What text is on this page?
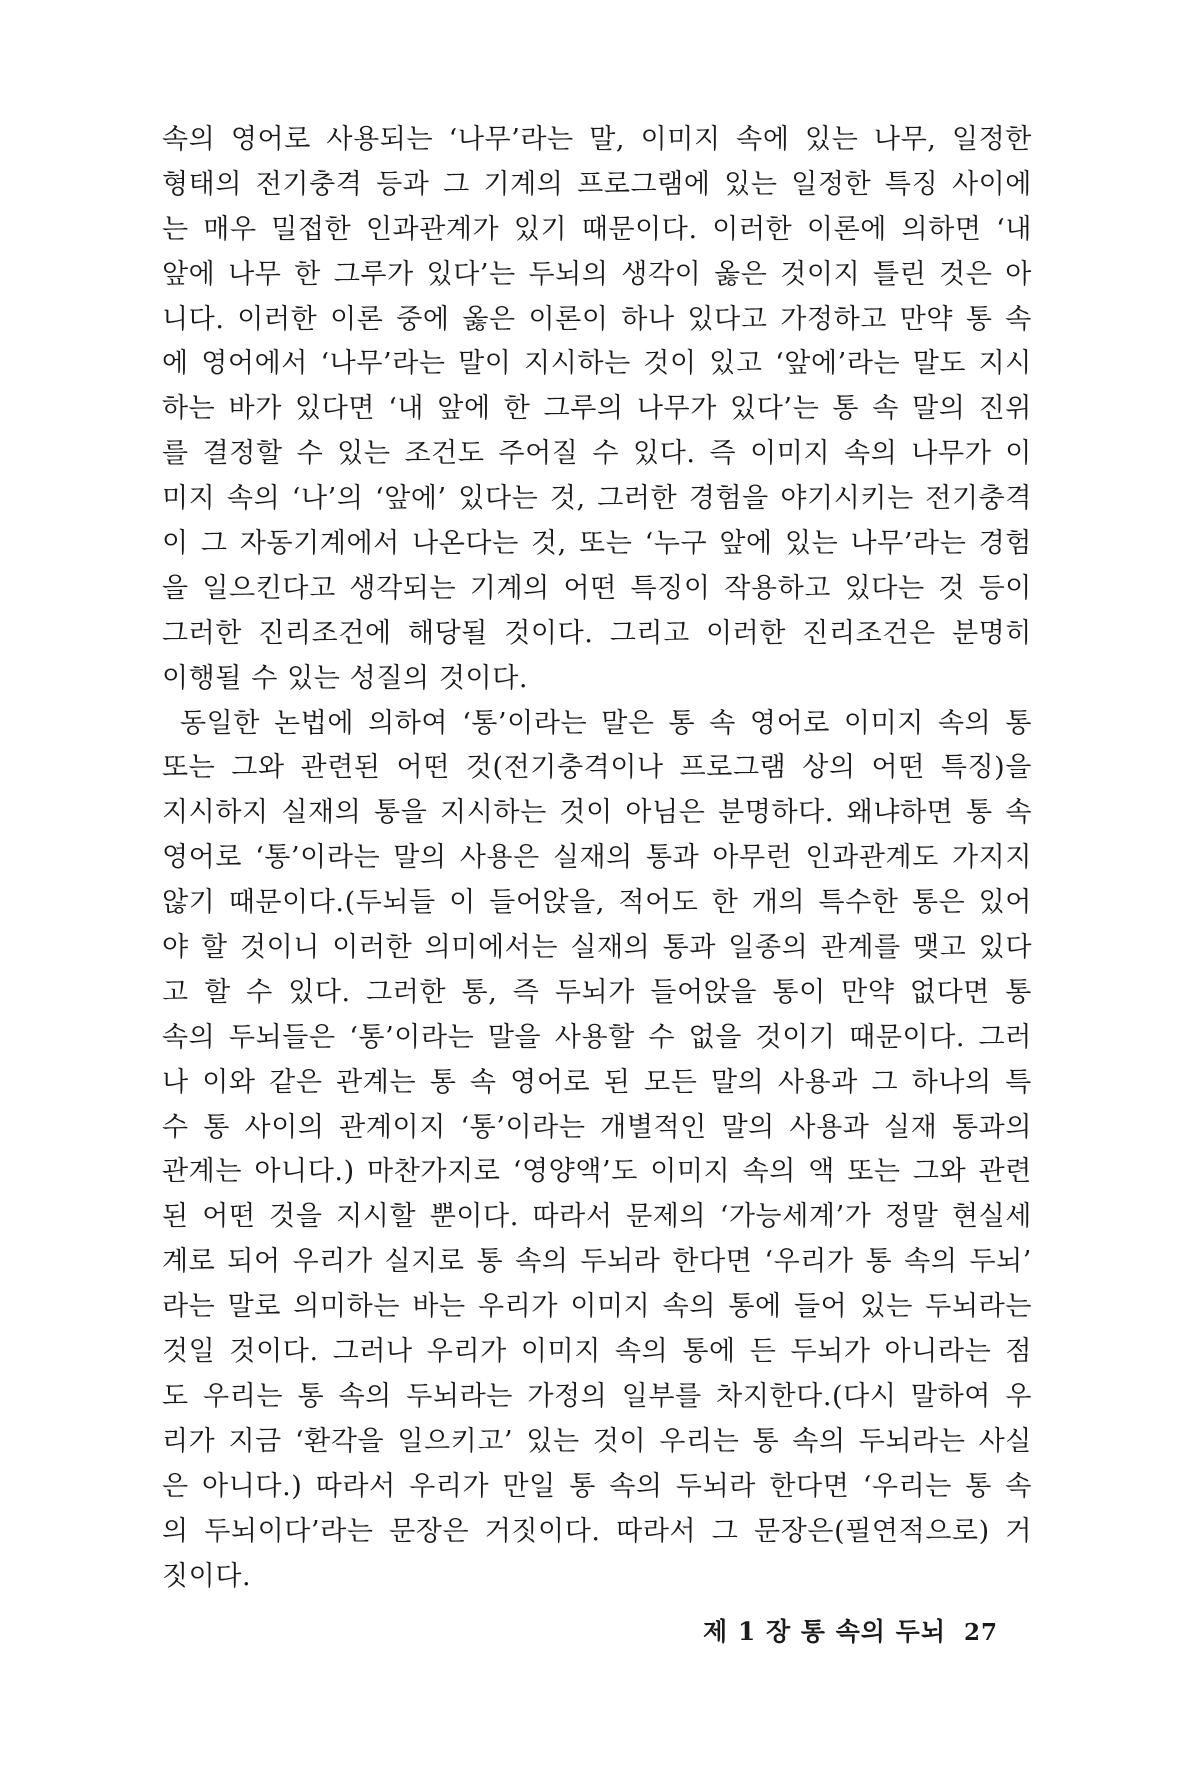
속의 영어로 사용되는 ‘나무’라는 말, 이미지 속에 있는 나무, 일정한
형태의 전기충격 등과 그 기계의 프로그램에 있는 일정한 특징 사이에
는 매우 밀접한 인과관계가 있기 때문이다. 이러한 이론에 의하면 ‘내
앞에 나무 한 그루가 있다’는 두뇌의 생각이 옳은 것이지 틀린 것은 아
니다. 이러한 이론 중에 옳은 이론이 하나 있다고 가정하고 만약 통 속
에 영어에서 ‘나무’라는 말이 지시하는 것이 있고 ‘앞에’라는 말도 지시
하는 바가 있다면 ‘내 앞에 한 그루의 나무가 있다’는 통 속 말의 진위
를 결정할 수 있는 조건도 주어질 수 있다. 즉 이미지 속의 나무가 이
미지 속의 ‘나’의 ‘앞에’ 있다는 것, 그러한 경험을 야기시키는 전기충격
이 그 자동기계에서 나온다는 것, 또는 ‘누구 앞에 있는 나무’라는 경험
을 일으킨다고 생각되는 기계의 어떤 특징이 작용하고 있다는 것 등이
그러한 진리조건에 해당될 것이다. 그리고 이러한 진리조건은 분명히
이행될 수 있는 성질의 것이다.
동일한 논법에 의하여 ‘통’이라는 말은 통 속 영어로 이미지 속의 통
또는 그와 관련된 어떤 것(전기충격이나 프로그램 상의 어떤 특징)을
지시하지 실재의 통을 지시하는 것이 아님은 분명하다. 왜냐하면 통 속
영어로 ‘통’이라는 말의 사용은 실재의 통과 아무런 인과관계도 가지지
않기 때문이다.(두뇌들 이 들어앉을, 적어도 한 개의 특수한 통은 있어
야 할 것이니 이러한 의미에서는 실재의 통과 일종의 관계를 맺고 있다
고 할 수 있다. 그러한 통, 즉 두뇌가 들어앉을 통이 만약 없다면 통
속의 두뇌들은 ‘통’이라는 말을 사용할 수 없을 것이기 때문이다. 그러
나 이와 같은 관계는 통 속 영어로 된 모든 말의 사용과 그 하나의 특
수 통 사이의 관계이지 ‘통’이라는 개별적인 말의 사용과 실재 통과의
관계는 아니다.) 마찬가지로 ‘영양액’도 이미지 속의 액 또는 그와 관련
된 어떤 것을 지시할 뿐이다. 따라서 문제의 ‘가능세계’가 정말 현실세
계로 되어 우리가 실지로 통 속의 두뇌라 한다면 ‘우리가 통 속의 두뇌’
라는 말로 의미하는 바는 우리가 이미지 속의 통에 들어 있는 두뇌라는
것일 것이다. 그러나 우리가 이미지 속의 통에 든 두뇌가 아니라는 점
도 우리는 통 속의 두뇌라는 가정의 일부를 차지한다.(다시 말하여 우
리가 지금 ‘환각을 일으키고’ 있는 것이 우리는 통 속의 두뇌라는 사실
은 아니다.) 따라서 우리가 만일 통 속의 두뇌라 한다면 ‘우리는 통 속
의 두뇌이다’라는 문장은 거짓이다. 따라서 그 문장은(필연적으로) 거
짓이다.
제 1 장 통 속의 두뇌 27
